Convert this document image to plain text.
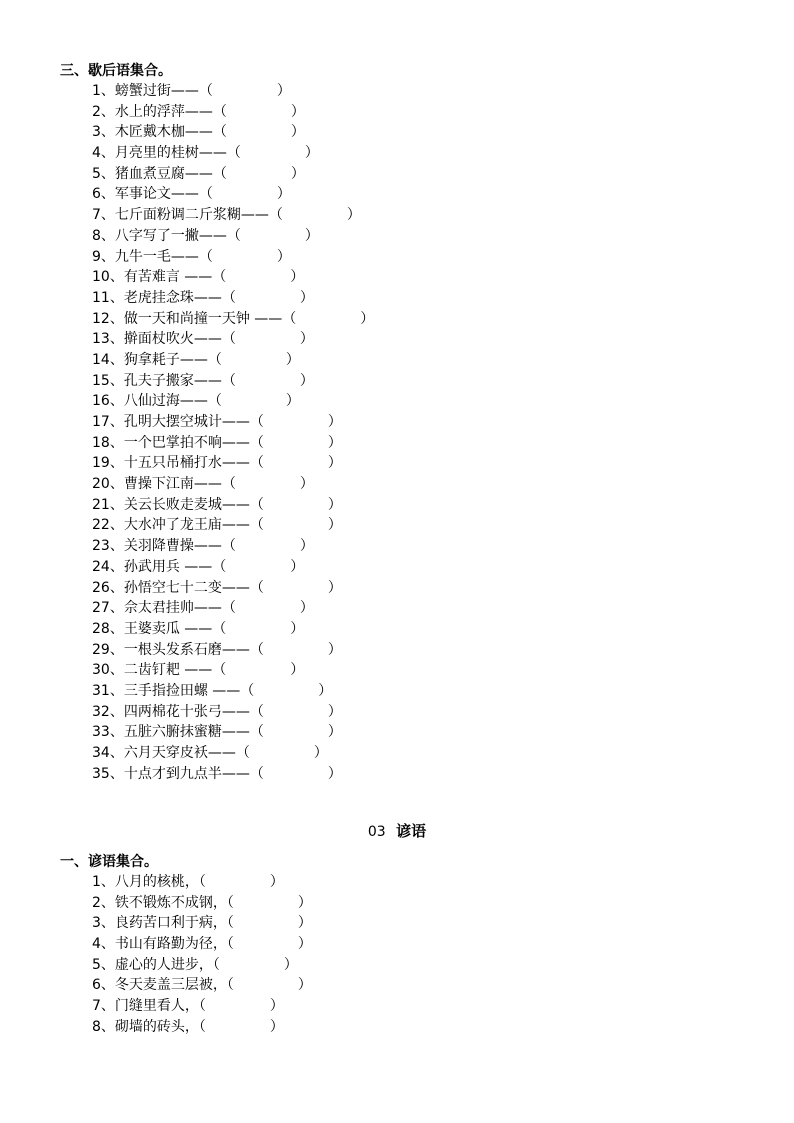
三、歇后语集合。
1、螃蟹过街——（	）
2、水上的浮萍——（	）
3、木匠戴木枷——（	）
4、月亮里的桂树——（	）
5、猪血煮豆腐——（	）
6、军事论文——（	）
7、七斤面粉调二斤浆糊——（	）
8、八字写了一撇——（	）
9、九牛一毛——（	）
10、有苦难言 ——（	）
11、老虎挂念珠——（	）
12、做一天和尚撞一天钟 ——（	）
13、擀面杖吹火——（	）
14、狗拿耗子——（	）
15、孔夫子搬家——（	）
16、八仙过海——（	）
17、孔明大摆空城计——（	）
18、一个巴掌拍不响——（	）
19、十五只吊桶打水——（	）
20、曹操下江南——（	）
21、关云长败走麦城——（	）
22、大水冲了龙王庙——（	）
23、关羽降曹操——（	）
24、孙武用兵 ——（	）
26、孙悟空七十二变——（	）
27、佘太君挂帅——（	）
28、王婆卖瓜 ——（	）
29、一根头发系石磨——（	）
30、二齿钉耙 ——（	）
31、三手指捡田螺 ——（	）
32、四两棉花十张弓——（	）
33、五脏六腑抹蜜糖——（	）
34、六月天穿皮袄——（	）
35、十点才到九点半——（	）
03 谚语
一、谚语集合。
1、八月的核桃，（	）
2、铁不锻炼不成钢，（	）
3、良药苦口利于病，（	）
4、书山有路勤为径，（	）
5、虚心的人进步，（	）
6、冬天麦盖三层被，（	）
7、门缝里看人，（	）
8、砌墙的砖头，（	）
